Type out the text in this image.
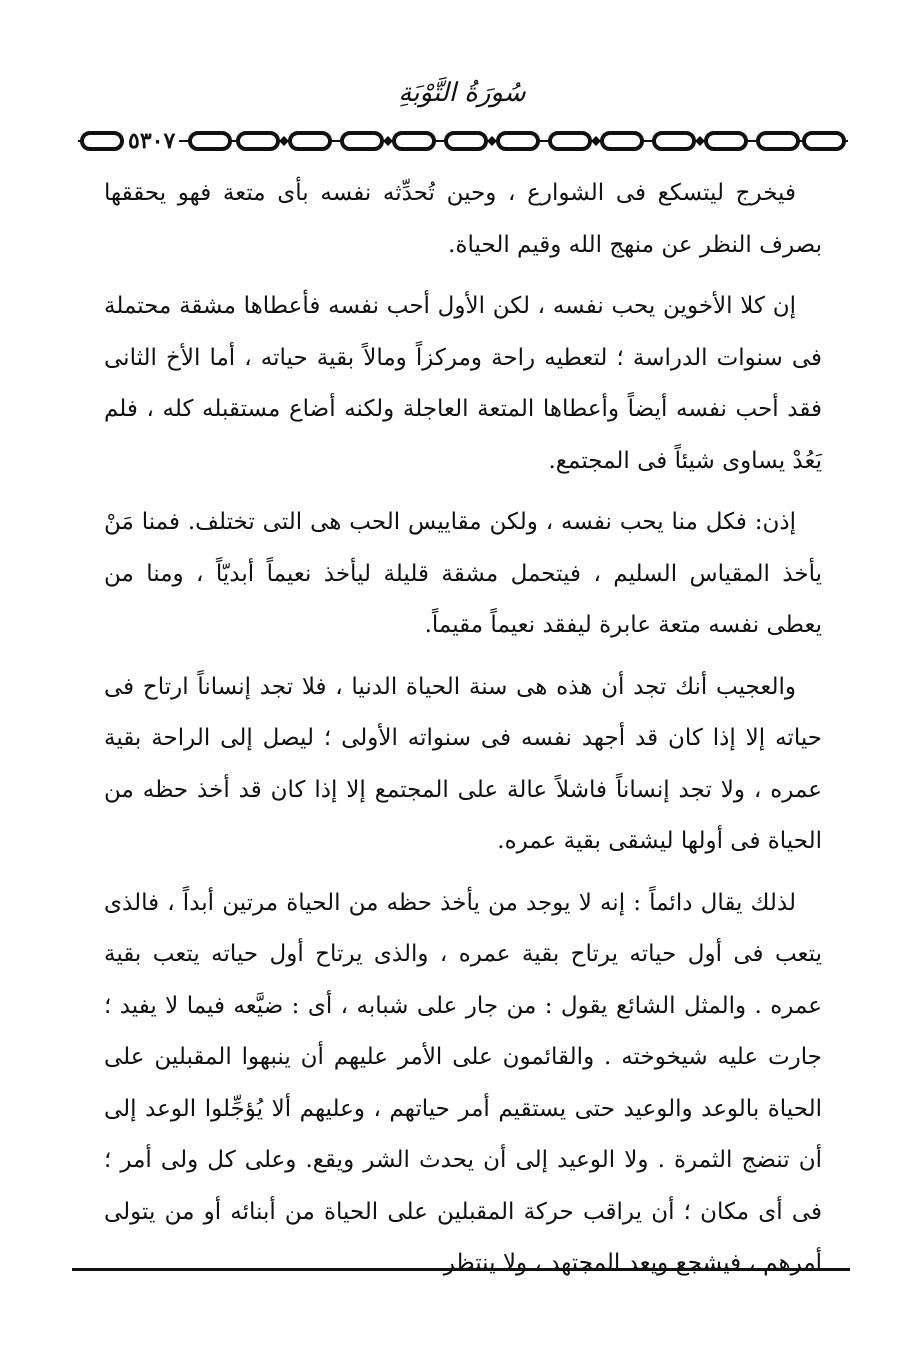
سُورَةُ التَّوْبَةِ
٥٣٠٧

فيخرج ليتسكع فى الشوارع ، وحين تُحدِّثه نفسه بأى متعة فهو يحققها بصرف النظر عن منهج الله وقيم الحياة.

إن كلا الأخوين يحب نفسه ، لكن الأول أحب نفسه فأعطاها مشقة محتملة فى سنوات الدراسة ؛ لتعطيه راحة ومركزاً ومالاً بقية حياته ، أما الأخ الثانى فقد أحب نفسه أيضاً وأعطاها المتعة العاجلة ولكنه أضاع مستقبله كله ، فلم يَعُدْ يساوى شيئاً فى المجتمع.

إذن: فكل منا يحب نفسه ، ولكن مقاييس الحب هى التى تختلف. فمنا مَنْ يأخذ المقياس السليم ، فيتحمل مشقة قليلة ليأخذ نعيماً أبديّاً ، ومنا من يعطى نفسه متعة عابرة ليفقد نعيماً مقيماً.

والعجيب أنك تجد أن هذه هى سنة الحياة الدنيا ، فلا تجد إنساناً ارتاح فى حياته إلا إذا كان قد أجهد نفسه فى سنواته الأولى ؛ ليصل إلى الراحة بقية عمره ، ولا تجد إنساناً فاشلاً عالة على المجتمع إلا إذا كان قد أخذ حظه من الحياة فى أولها ليشقى بقية عمره.

لذلك يقال دائماً : إنه لا يوجد من يأخذ حظه من الحياة مرتين أبداً ، فالذى يتعب فى أول حياته يرتاح بقية عمره ، والذى يرتاح أول حياته يتعب بقية عمره . والمثل الشائع يقول : من جار على شبابه ، أى : ضيَّعه فيما لا يفيد ؛ جارت عليه شيخوخته . والقائمون على الأمر عليهم أن ينبهوا المقبلين على الحياة بالوعد والوعيد حتى يستقيم أمر حياتهم ، وعليهم ألا يُؤجِّلوا الوعد إلى أن تنضج الثمرة . ولا الوعيد إلى أن يحدث الشر ويقع. وعلى كل ولى أمر ؛ فى أى مكان ؛ أن يراقب حركة المقبلين على الحياة من أبنائه أو من يتولى أمرهم ، فيشجع ويعد المجتهد ، ولا ينتظر
